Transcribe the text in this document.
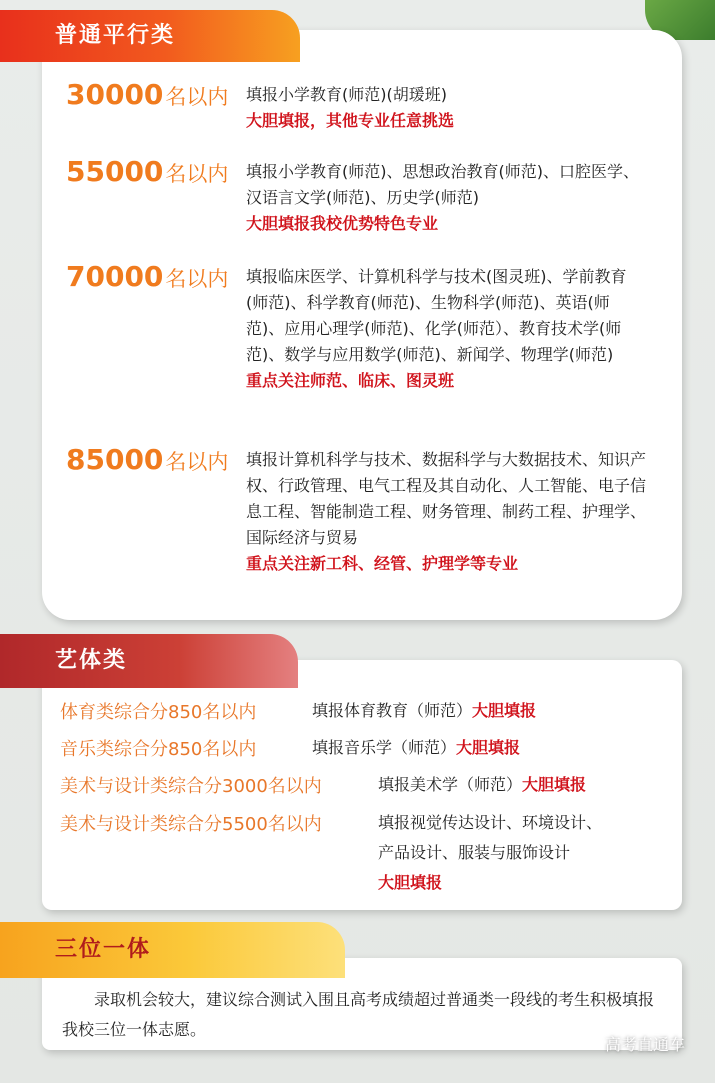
普通平行类
艺体类
三位一体
30000名以内 填报小学教育(师范)(胡瑗班)
大胆填报，其他专业任意挑选
55000名以内 填报小学教育(师范)、思想政治教育(师范)、口腔医学、汉语言文学(师范)、历史学(师范)
大胆填报我校优势特色专业
70000名以内 填报临床医学、计算机科学与技术(图灵班)、学前教育(师范)、科学教育(师范)、生物科学(师范)、英语(师范)、应用心理学(师范)、化学(师范）、教育技术学(师范)、数学与应用数学(师范)、新闻学、物理学(师范)
重点关注师范、临床、图灵班
85000名以内 填报计算机科学与技术、数据科学与大数据技术、知识产权、行政管理、电气工程及其自动化、人工智能、电子信息工程、智能制造工程、财务管理、制药工程、护理学、国际经济与贸易
重点关注新工科、经管、护理学等专业
体育类综合分850名以内	填报体育教育（师范）大胆填报
音乐类综合分850名以内	填报音乐学（师范）大胆填报
美术与设计类综合分3000名以内	填报美术学（师范）大胆填报
美术与设计类综合分5500名以内	填报视觉传达设计、环境设计、
产品设计、服装与服饰设计
大胆填报
录取机会较大，建议综合测试入围且高考成绩超过普通类一段线的考生积极填报我校三位一体志愿。
高考直通车
